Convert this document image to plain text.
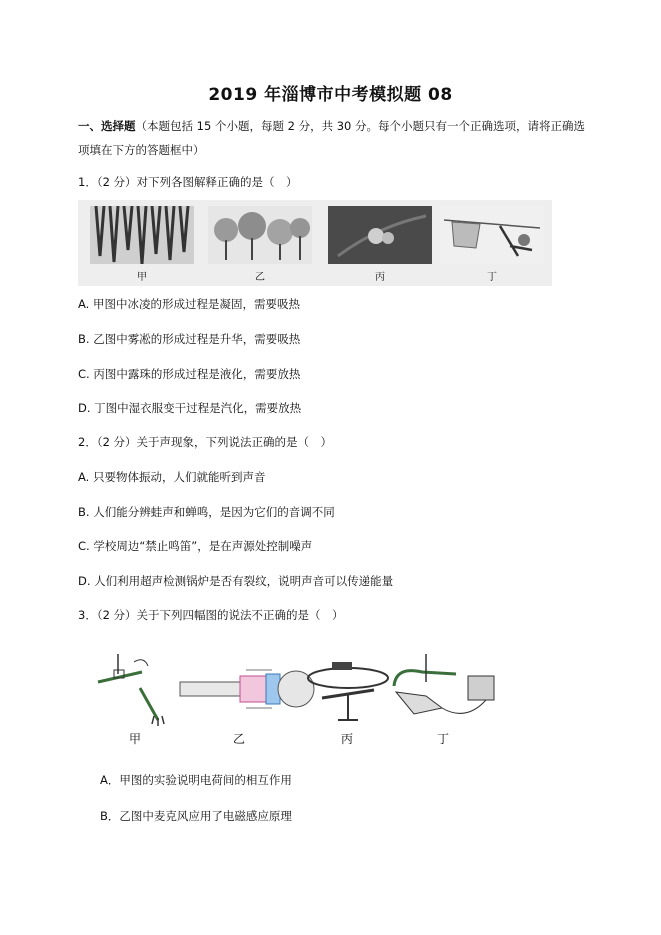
2019 年淄博市中考模拟题 08
一、选择题（本题包括 15 个小题，每题 2 分，共 30 分。每个小题只有一个正确选项，请将正确选
项填在下方的答题框中）
1．（2 分）对下列各图解释正确的是（　）
甲	乙	丙	丁
A. 甲图中冰凌的形成过程是凝固，需要吸热
B. 乙图中雾凇的形成过程是升华，需要吸热
C. 丙图中露珠的形成过程是液化，需要放热
D. 丁图中湿衣服变干过程是汽化，需要放热
2．（2 分）关于声现象，下列说法正确的是（　）
A. 只要物体振动，人们就能听到声音
B. 人们能分辨蛙声和蝉鸣，是因为它们的音调不同
C. 学校周边“禁止鸣笛”，是在声源处控制噪声
D. 人们利用超声检测锅炉是否有裂纹，说明声音可以传递能量
3．（2 分）关于下列四幅图的说法不正确的是（　）
甲	乙	丙	丁
A．甲图的实验说明电荷间的相互作用
B．乙图中麦克风应用了电磁感应原理
